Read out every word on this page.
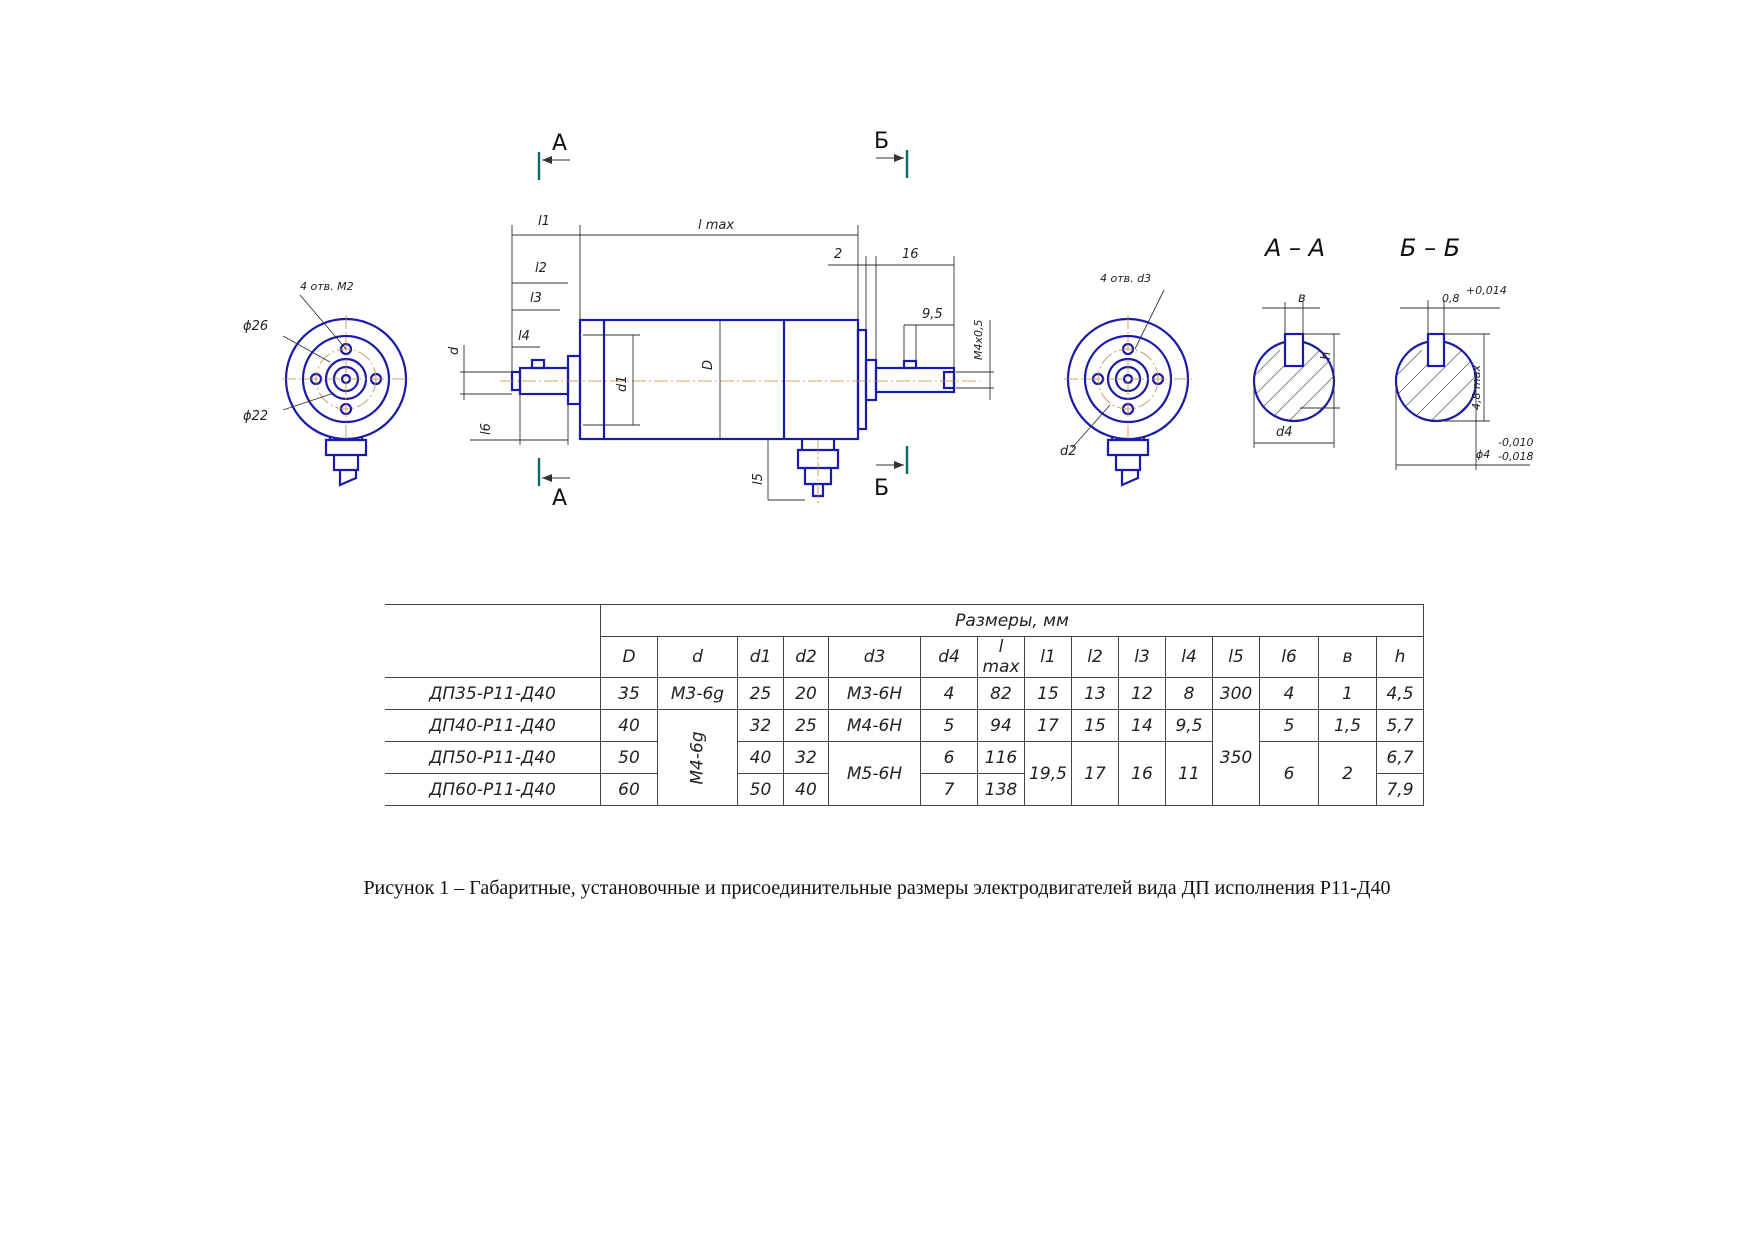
4 отв. М2
ϕ26
ϕ22
А
А
Б
Б
l1	l max
l2
l3
l4
2	16
9,5
М4х0,5
d
l6
d1
D
l5
4 отв. d3
d2
А – А
в
h
d4
Б – Б
0,8
+0,014
4,8 max
ϕ4
-0,010
-0,018
	Размеры, мм														
	D	d	d1	d2	d3	d4	l max	l1	l2	l3	l4	l5	l6	в	h
ДП35-Р11-Д40	35	М3-6g	25	20	М3-6Н	4	82	15	13	12	8	300	4	1	4,5
ДП40-Р11-Д40	40	М4-6g	32	25	М4-6Н	5	94	17	15	14	9,5	350	5	1,5	5,7
ДП50-Р11-Д40	50		40	32	М5-6Н	6	116	19,5	17	16	11		6	2	6,7
ДП60-Р11-Д40	60		50	40		7	138								7,9
Рисунок 1 – Габаритные, установочные и присоединительные размеры электродвигателей вида ДП исполнения Р11-Д40
